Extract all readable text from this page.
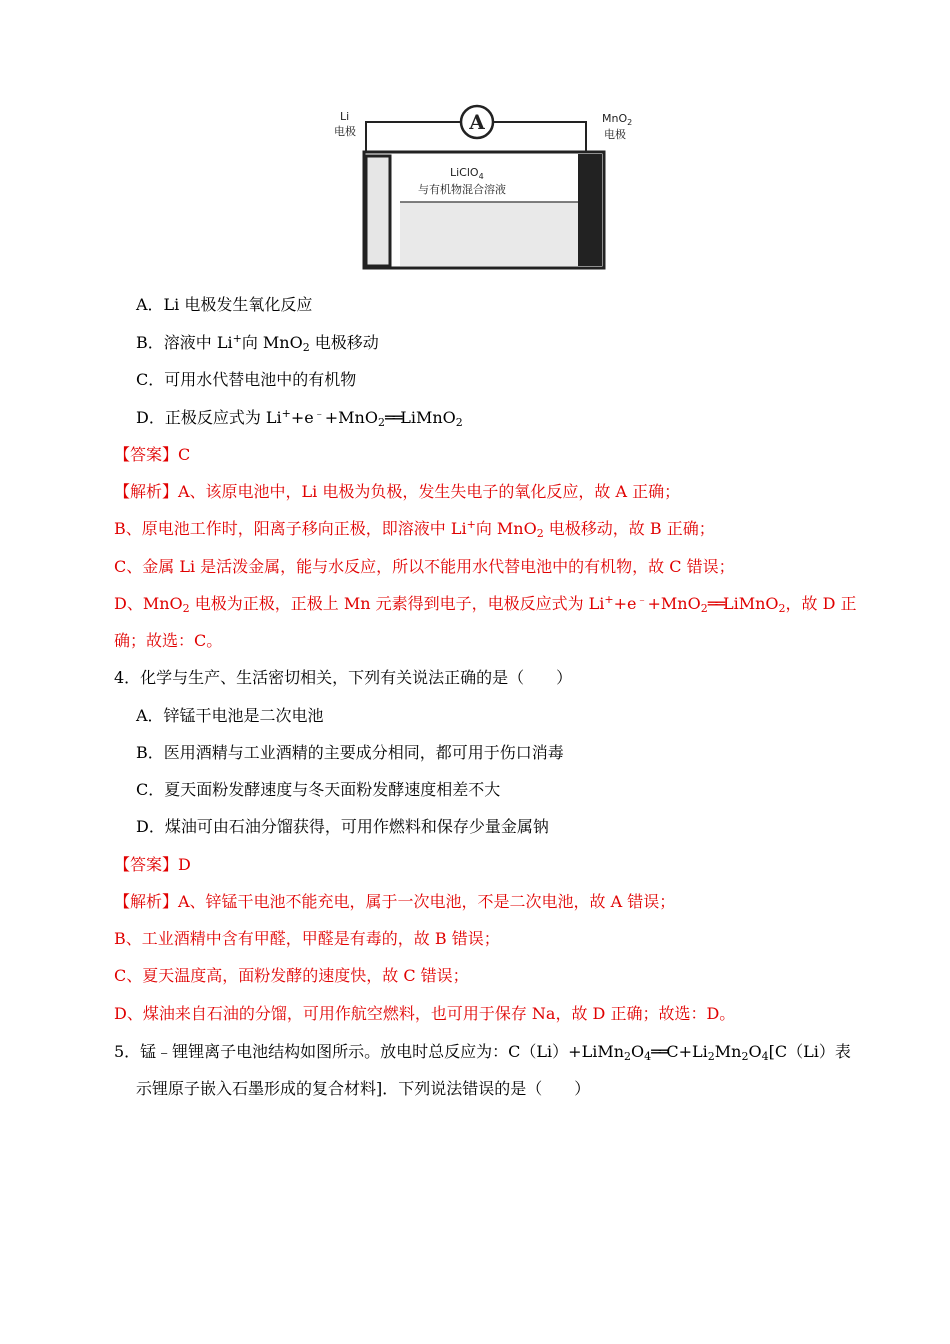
Li
电极
MnO$_2$
电极
A
LiClO$_4$
与有机物混合溶液
A．Li 电极发生氧化反应
B．溶液中 Li+向 MnO$_2$ 电极移动
C．可用水代替电池中的有机物
D．正极反应式为 Li++e﹣+MnO$_2$══LiMnO$_2$
【答案】C
【解析】A、该原电池中，Li 电极为负极，发生失电子的氧化反应，故 A 正确；
B、原电池工作时，阳离子移向正极，即溶液中 Li+向 MnO$_2$ 电极移动，故 B 正确；
C、金属 Li 是活泼金属，能与水反应，所以不能用水代替电池中的有机物，故 C 错误；
D、MnO$_2$ 电极为正极，正极上 Mn 元素得到电子，电极反应式为 Li++e﹣+MnO$_2$══LiMnO$_2$，故 D 正
确；故选：C。
4．化学与生产、生活密切相关，下列有关说法正确的是（　　）
A．锌锰干电池是二次电池
B．医用酒精与工业酒精的主要成分相同，都可用于伤口消毒
C．夏天面粉发酵速度与冬天面粉发酵速度相差不大
D．煤油可由石油分馏获得，可用作燃料和保存少量金属钠
【答案】D
【解析】A、锌锰干电池不能充电，属于一次电池，不是二次电池，故 A 错误；
B、工业酒精中含有甲醛，甲醛是有毒的，故 B 错误；
C、夏天温度高，面粉发酵的速度快，故 C 错误；
D、煤油来自石油的分馏，可用作航空燃料，也可用于保存 Na，故 D 正确；故选：D。
5．锰﹣锂锂离子电池结构如图所示。放电时总反应为：$C(Li)+LiMn_2O_4══C+Li_2Mn_2O_4[C(Li)$表
示锂原子嵌入石墨形成的复合材料]．下列说法错误的是（　　）
